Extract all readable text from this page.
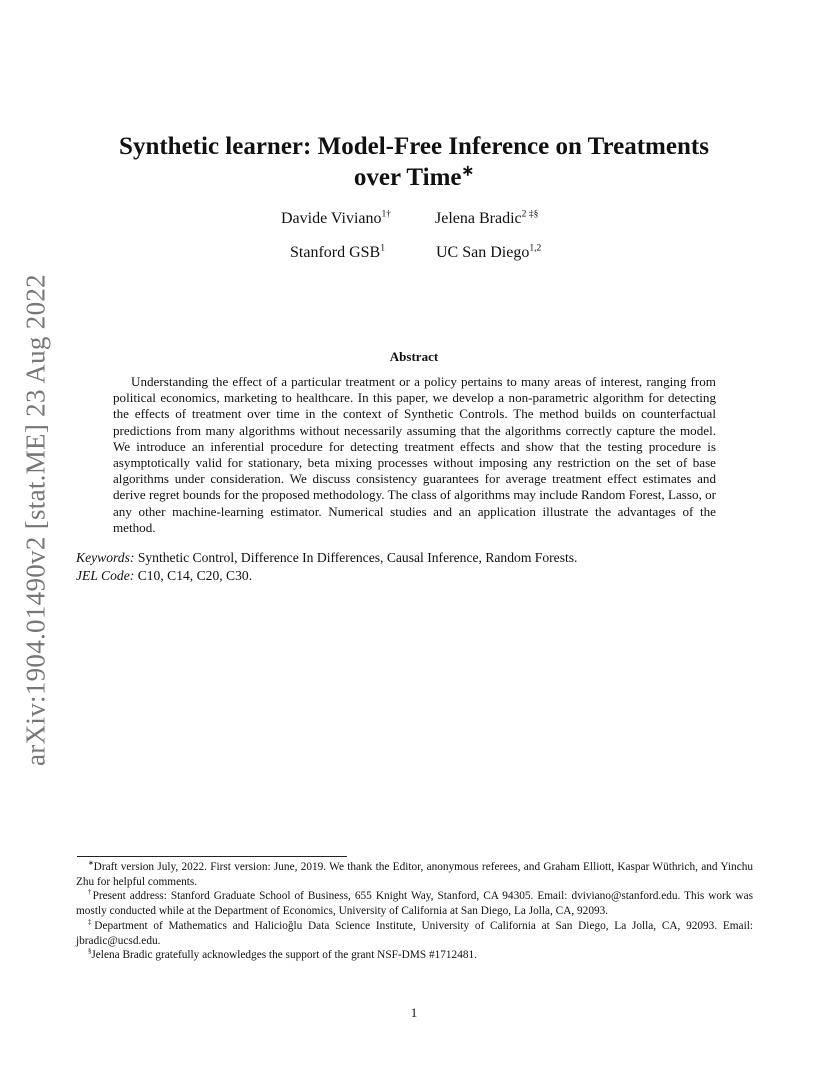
arXiv:1904.01490v2 [stat.ME] 23 Aug 2022
Synthetic learner: Model-Free Inference on Treatments
over Time∗
Davide Viviano$^{1\dagger}$	Jelena Bradic$^{2 \ddagger\S}$
Stanford GSB$^1$	UC San Diego$^{1,2}$
Abstract

Understanding the effect of a particular treatment or a policy pertains to many areas of interest, ranging from political economics, marketing to healthcare. In this paper, we develop a non-parametric algorithm for detecting the effects of treatment over time in the context of Synthetic Controls. The method builds on counterfactual predictions from many algorithms without necessarily assuming that the algorithms correctly capture the model. We introduce an inferential procedure for detecting treatment effects and show that the testing procedure is asymptotically valid for stationary, beta mixing processes without imposing any restriction on the set of base algorithms under consideration. We discuss consistency guarantees for average treatment effect estimates and derive regret bounds for the proposed methodology. The class of algorithms may include Random Forest, Lasso, or any other machine-learning estimator. Numerical studies and an application illustrate the advantages of the method.

Keywords: Synthetic Control, Difference In Differences, Causal Inference, Random Forests.
JEL Code: C10, C14, C20, C30.

∗Draft version July, 2022. First version: June, 2019. We thank the Editor, anonymous referees, and Graham Elliott, Kaspar Wüthrich, and Yinchu Zhu for helpful comments.

†Present address: Stanford Graduate School of Business, 655 Knight Way, Stanford, CA 94305. Email: dviviano@stanford.edu. This work was mostly conducted while at the Department of Economics, University of California at San Diego, La Jolla, CA, 92093.

‡Department of Mathematics and Halicioğlu Data Science Institute, University of California at San Diego, La Jolla, CA, 92093. Email: jbradic@ucsd.edu.

§Jelena Bradic gratefully acknowledges the support of the grant NSF-DMS #1712481.

1
